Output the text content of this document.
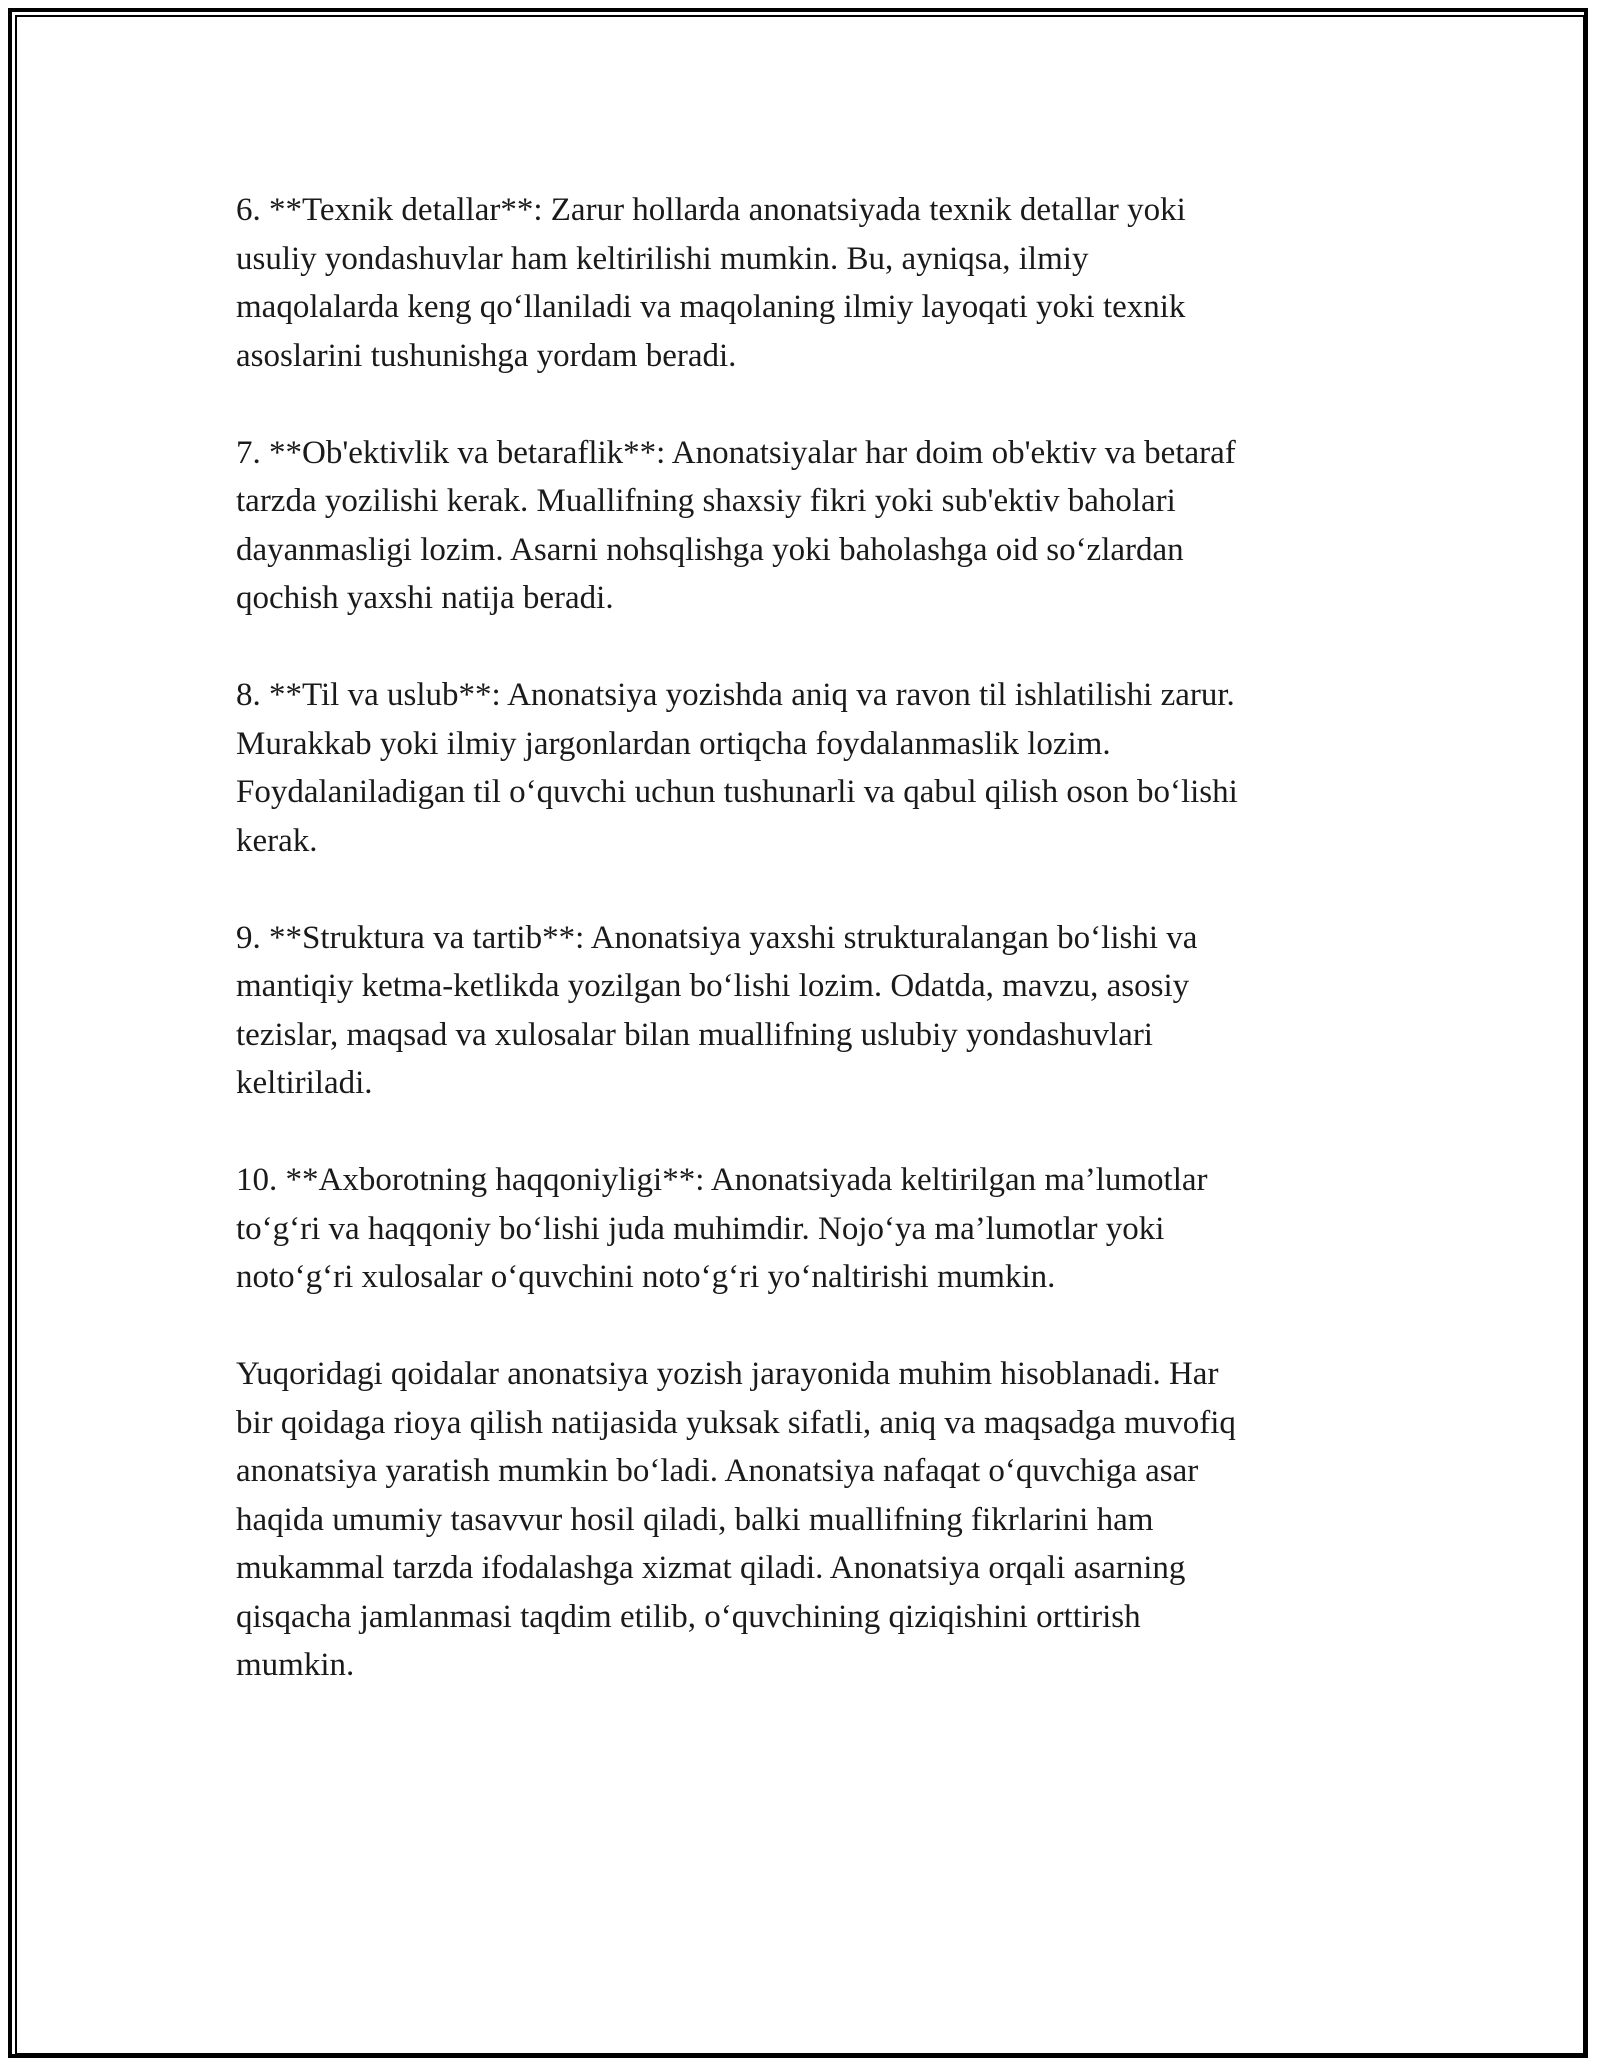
6. **Texnik detallar**: Zarur hollarda anonatsiyada texnik detallar yoki
usuliy yondashuvlar ham keltirilishi mumkin. Bu, ayniqsa, ilmiy
maqolalarda keng qo‘llaniladi va maqolaning ilmiy layoqati yoki texnik
asoslarini tushunishga yordam beradi.

7. **Ob'ektivlik va betaraflik**: Anonatsiyalar har doim ob'ektiv va betaraf
tarzda yozilishi kerak. Muallifning shaxsiy fikri yoki sub'ektiv baholari
dayanmasligi lozim. Asarni nohsqlishga yoki baholashga oid so‘zlardan
qochish yaxshi natija beradi.

8. **Til va uslub**: Anonatsiya yozishda aniq va ravon til ishlatilishi zarur.
Murakkab yoki ilmiy jargonlardan ortiqcha foydalanmaslik lozim.
Foydalaniladigan til o‘quvchi uchun tushunarli va qabul qilish oson bo‘lishi
kerak.

9. **Struktura va tartib**: Anonatsiya yaxshi strukturalangan bo‘lishi va
mantiqiy ketma-ketlikda yozilgan bo‘lishi lozim. Odatda, mavzu, asosiy
tezislar, maqsad va xulosalar bilan muallifning uslubiy yondashuvlari
keltiriladi.

10. **Axborotning haqqoniyligi**: Anonatsiyada keltirilgan ma’lumotlar
to‘g‘ri va haqqoniy bo‘lishi juda muhimdir. Nojo‘ya ma’lumotlar yoki
noto‘g‘ri xulosalar o‘quvchini noto‘g‘ri yo‘naltirishi mumkin.

Yuqoridagi qoidalar anonatsiya yozish jarayonida muhim hisoblanadi. Har
bir qoidaga rioya qilish natijasida yuksak sifatli, aniq va maqsadga muvofiq
anonatsiya yaratish mumkin bo‘ladi. Anonatsiya nafaqat o‘quvchiga asar
haqida umumiy tasavvur hosil qiladi, balki muallifning fikrlarini ham
mukammal tarzda ifodalashga xizmat qiladi. Anonatsiya orqali asarning
qisqacha jamlanmasi taqdim etilib, o‘quvchining qiziqishini orttirish
mumkin.
